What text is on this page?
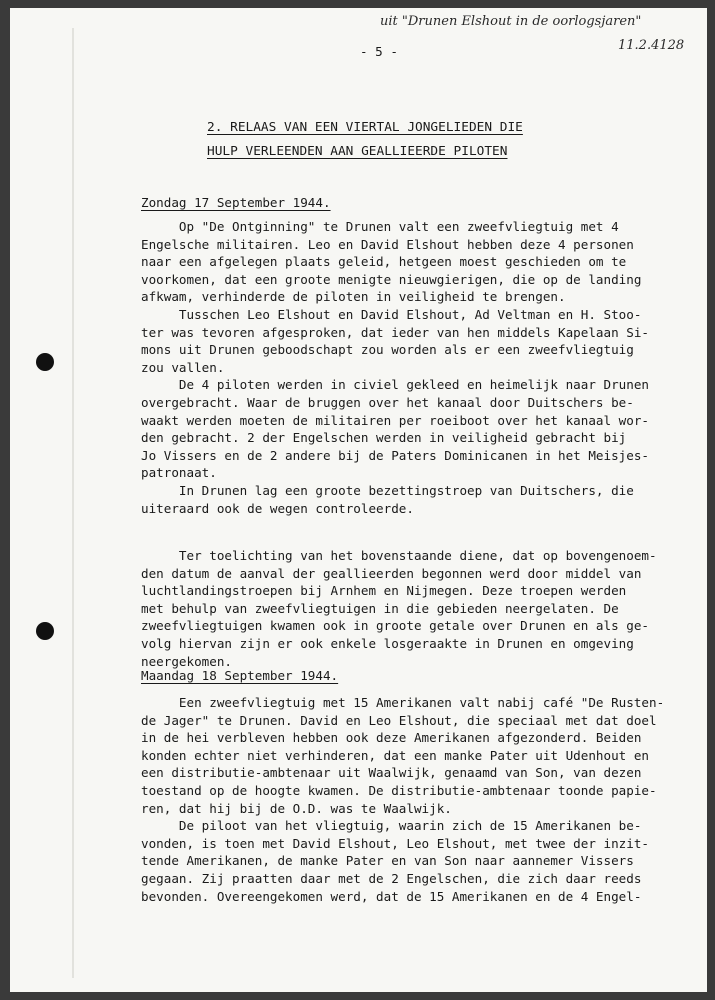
uit "Drunen Elshout in de oorlogsjaren"
11.2.4128
- 5 -
2. RELAAS VAN EEN VIERTAL JONGELIEDEN DIE
HULP VERLEENDEN AAN GEALLIEERDE PILOTEN
Zondag 17 September 1944.
Op "De Ontginning" te Drunen valt een zweefvliegtuig met 4
Engelsche militairen. Leo en David Elshout hebben deze 4 personen
naar een afgelegen plaats geleid, hetgeen moest geschieden om te
voorkomen, dat een groote menigte nieuwgierigen, die op de landing
afkwam, verhinderde de piloten in veiligheid te brengen.
Tusschen Leo Elshout en David Elshout, Ad Veltman en H. Stoo-
ter was tevoren afgesproken, dat ieder van hen middels Kapelaan Si-
mons uit Drunen geboodschapt zou worden als er een zweefvliegtuig
zou vallen.
De 4 piloten werden in civiel gekleed en heimelijk naar Drunen
overgebracht. Waar de bruggen over het kanaal door Duitschers be-
waakt werden moeten de militairen per roeiboot over het kanaal wor-
den gebracht. 2 der Engelschen werden in veiligheid gebracht bij
Jo Vissers en de 2 andere bij de Paters Dominicanen in het Meisjes-
patronaat.
In Drunen lag een groote bezettingstroep van Duitschers, die
uiteraard ook de wegen controleerde.
Ter toelichting van het bovenstaande diene, dat op bovengenoem-
den datum de aanval der geallieerden begonnen werd door middel van
luchtlandingstroepen bij Arnhem en Nijmegen. Deze troepen werden
met behulp van zweefvliegtuigen in die gebieden neergelaten. De
zweefvliegtuigen kwamen ook in groote getale over Drunen en als ge-
volg hiervan zijn er ook enkele losgeraakte in Drunen en omgeving
neergekomen.
Maandag 18 September 1944.
Een zweefvliegtuig met 15 Amerikanen valt nabij café "De Rusten-
de Jager" te Drunen. David en Leo Elshout, die speciaal met dat doel
in de hei verbleven hebben ook deze Amerikanen afgezonderd. Beiden
konden echter niet verhinderen, dat een manke Pater uit Udenhout en
een distributie-ambtenaar uit Waalwijk, genaamd van Son, van dezen
toestand op de hoogte kwamen. De distributie-ambtenaar toonde papie-
ren, dat hij bij de O.D. was te Waalwijk.
De piloot van het vliegtuig, waarin zich de 15 Amerikanen be-
vonden, is toen met David Elshout, Leo Elshout, met twee der inzit-
tende Amerikanen, de manke Pater en van Son naar aannemer Vissers
gegaan. Zij praatten daar met de 2 Engelschen, die zich daar reeds
bevonden. Overeengekomen werd, dat de 15 Amerikanen en de 4 Engel-
